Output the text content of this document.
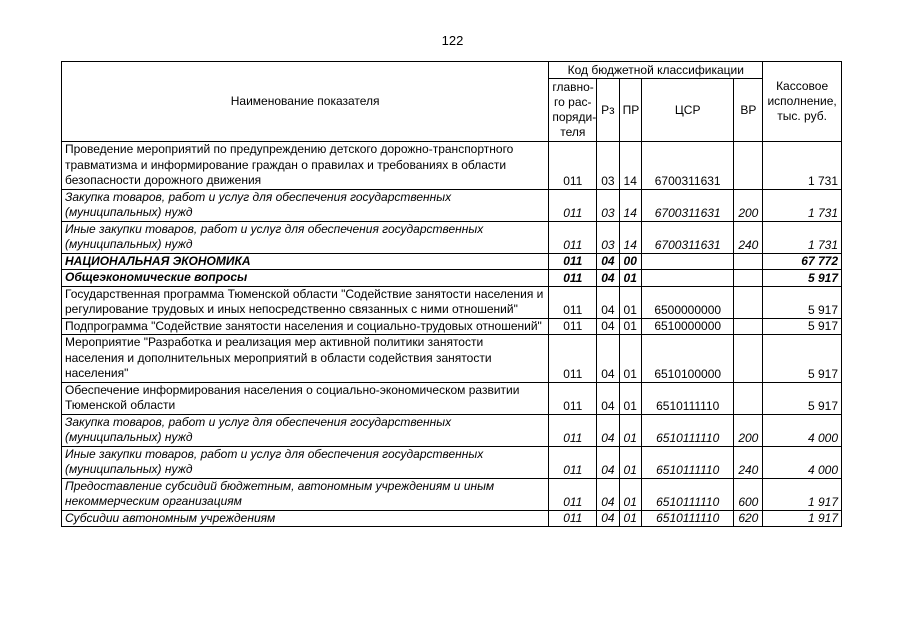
122
Наименование показателя	Код бюджетной классификации					Кассовое исполнение, тыс. руб.
	главно-го рас-поряди-теля	Рз	ПР	ЦСР	ВР	
Проведение мероприятий по предупреждению детского дорожно-транспортного травматизма и информирование граждан о правилах и требованиях в области безопасности дорожного движения	011	03	14	6700311631		1 731
Закупка товаров, работ и услуг для обеспечения государственных (муниципальных) нужд	011	03	14	6700311631	200	1 731
Иные закупки товаров, работ и услуг для обеспечения государственных (муниципальных) нужд	011	03	14	6700311631	240	1 731
НАЦИОНАЛЬНАЯ ЭКОНОМИКА	011	04	00			67 772
Общеэкономические вопросы	011	04	01			5 917
Государственная программа Тюменской области "Содействие занятости населения и регулирование трудовых и иных непосредственно связанных с ними отношений"	011	04	01	6500000000		5 917
Подпрограмма "Содействие занятости населения и социально-трудовых отношений"	011	04	01	6510000000		5 917
Мероприятие "Разработка и реализация мер активной политики занятости населения и дополнительных мероприятий в области содействия занятости населения"	011	04	01	6510100000		5 917
Обеспечение информирования населения о социально-экономическом развитии Тюменской области	011	04	01	6510111110		5 917
Закупка товаров, работ и услуг для обеспечения государственных (муниципальных) нужд	011	04	01	6510111110	200	4 000
Иные закупки товаров, работ и услуг для обеспечения государственных (муниципальных) нужд	011	04	01	6510111110	240	4 000
Предоставление субсидий бюджетным, автономным учреждениям и иным некоммерческим организациям	011	04	01	6510111110	600	1 917
Субсидии автономным учреждениям	011	04	01	6510111110	620	1 917
